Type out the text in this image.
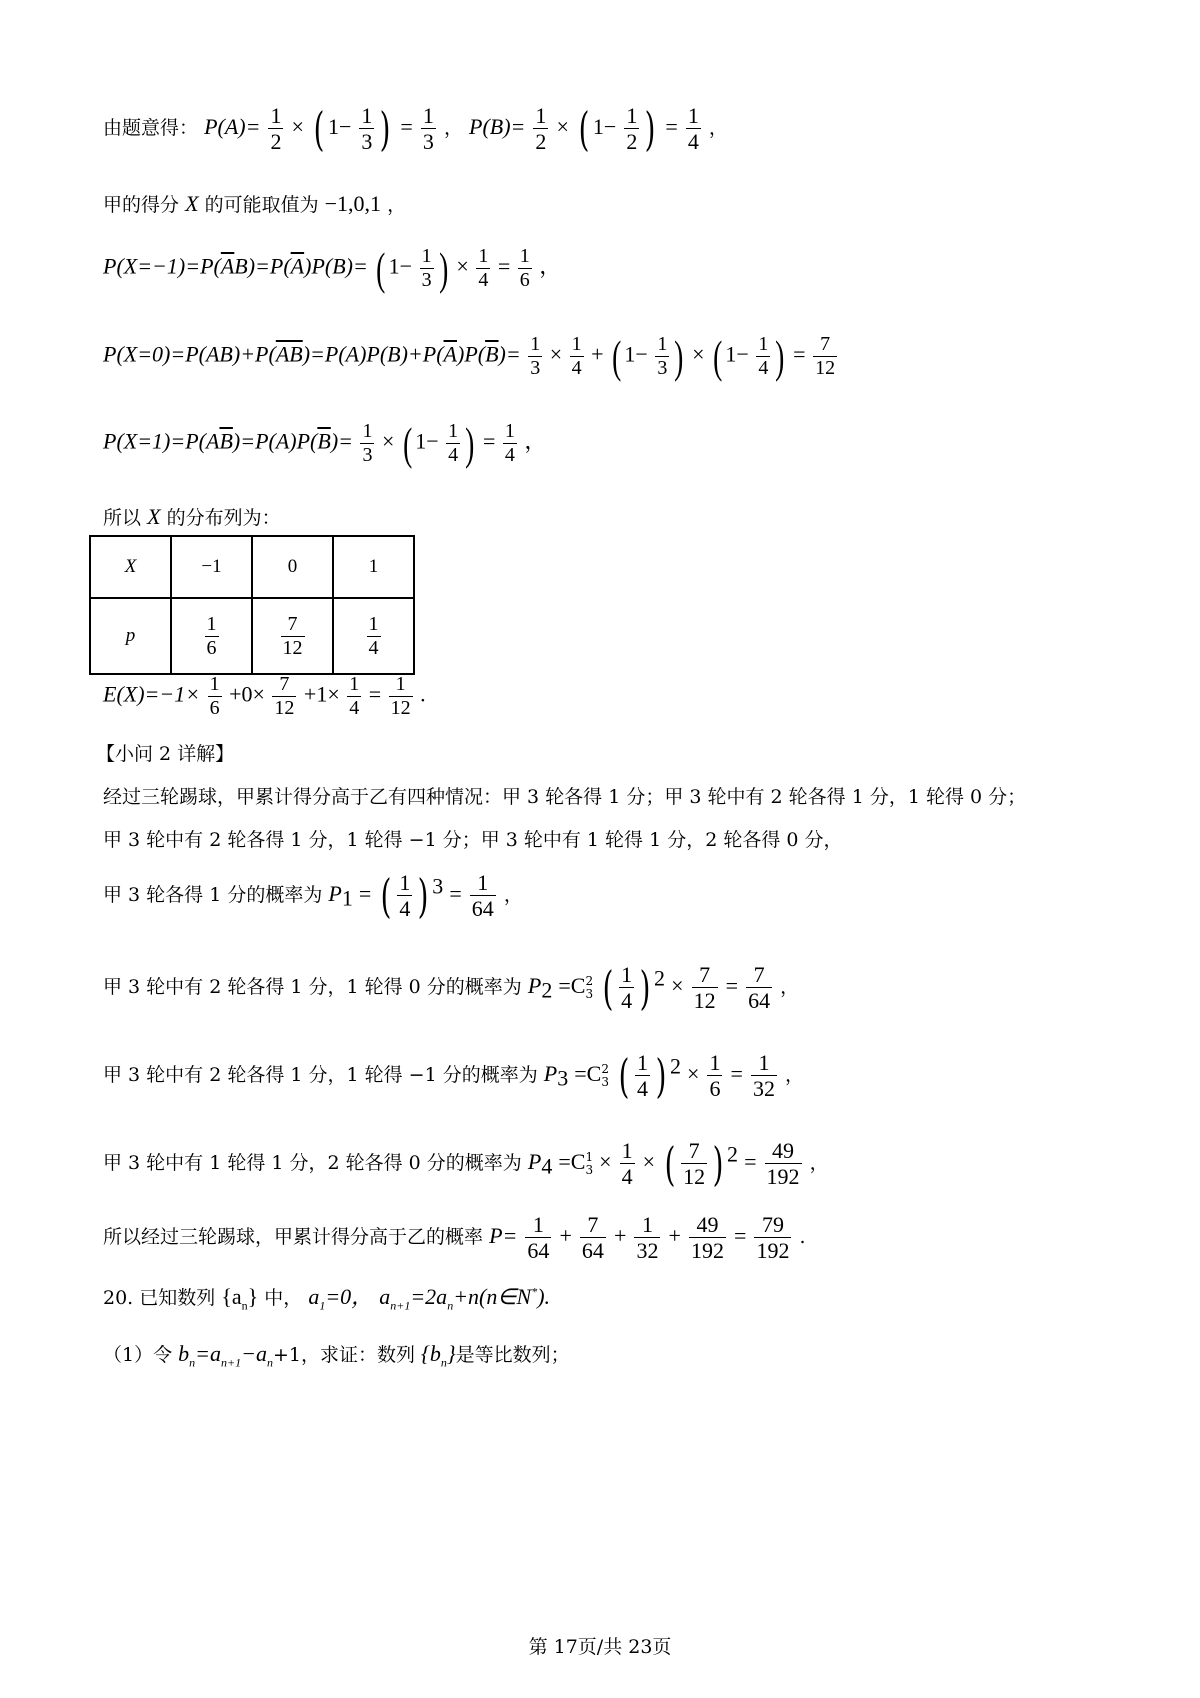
由题意得： $P(A)= \frac{1}{2}$ × ( $1- \frac{1}{3}$ ) = $\frac{1}{3}$ ， $P(B)= \frac{1}{2}$ × ( $1- \frac{1}{2}$ ) = $\frac{1}{4}$ ，
甲的得分 X 的可能取值为 −1,0,1 ，
$P(X=-1)=P(\overline{A}B)=P(\overline{A})P(B)=$ ( $1- \frac{1}{3}$ ) × $\frac{1}{4} = \frac{1}{6}$ ，
$P(X=0)=P(AB)+P(\overline{AB})=P(A)P(B)+P(\overline{A})P(\overline{B})= \frac{1}{3} \times \frac{1}{4}$ + ( $1- \frac{1}{3}$ ) × ( $1- \frac{1}{4}$ ) = $\frac{7}{12}$
$P(X=1)=P(A\overline{B})=P(A)P(\overline{B})= \frac{1}{3}$ × ( $1- \frac{1}{4}$ ) = $\frac{1}{4}$ ，
所以 X 的分布列为：
X	−1	0	1
p	$\frac{1}{6}$	$\frac{7}{12}$	$\frac{1}{4}$
$E(X)=-1\times \frac{1}{6} +0\times \frac{7}{12} +1\times \frac{1}{4} = \frac{1}{12}$ .
【小问 2 详解】
经过三轮踢球，甲累计得分高于乙有四种情况：甲 3 轮各得 1 分；甲 3 轮中有 2 轮各得 1 分，1 轮得 0 分；
甲 3 轮中有 2 轮各得 1 分，1 轮得 −1 分；甲 3 轮中有 1 轮得 1 分，2 轮各得 0 分，
甲 3 轮各得 1 分的概率为 $P_1$ = ( $\frac{1}{4}$ ) $^3 = \frac{1}{64}$ ，
甲 3 轮中有 2 轮各得 1 分，1 轮得 0 分的概率为 $P_2 =C$ 2
3 ( $\frac{1}{4}$ ) $^2 \times \frac{7}{12} = \frac{7}{64}$ ，
甲 3 轮中有 2 轮各得 1 分，1 轮得 −1 分的概率为 $P_3 =C$ 2
3 ( $\frac{1}{4}$ ) $^2 \times \frac{1}{6} = \frac{1}{32}$ ，
甲 3 轮中有 1 轮得 1 分，2 轮各得 0 分的概率为 $P_4 =C$ 1
$3 \times \frac{1}{4}$ × ( $\frac{7}{12}$ ) $^2 = \frac{49}{192}$ ，
所以经过三轮踢球，甲累计得分高于乙的概率 $P= \frac{1}{64} + \frac{7}{64} + \frac{1}{32} + \frac{49}{192} = \frac{79}{192}$ .
20. 已知数列 $\{a_n\}$ 中， $a_1=0$， $a_{n+1}=2a_n+n(n\in N^*)$.
（1）令 $b_n=a_{n+1}-a_n+1$，求证：数列 $\{b_n\}$是等比数列；
第 17页/共 23页
